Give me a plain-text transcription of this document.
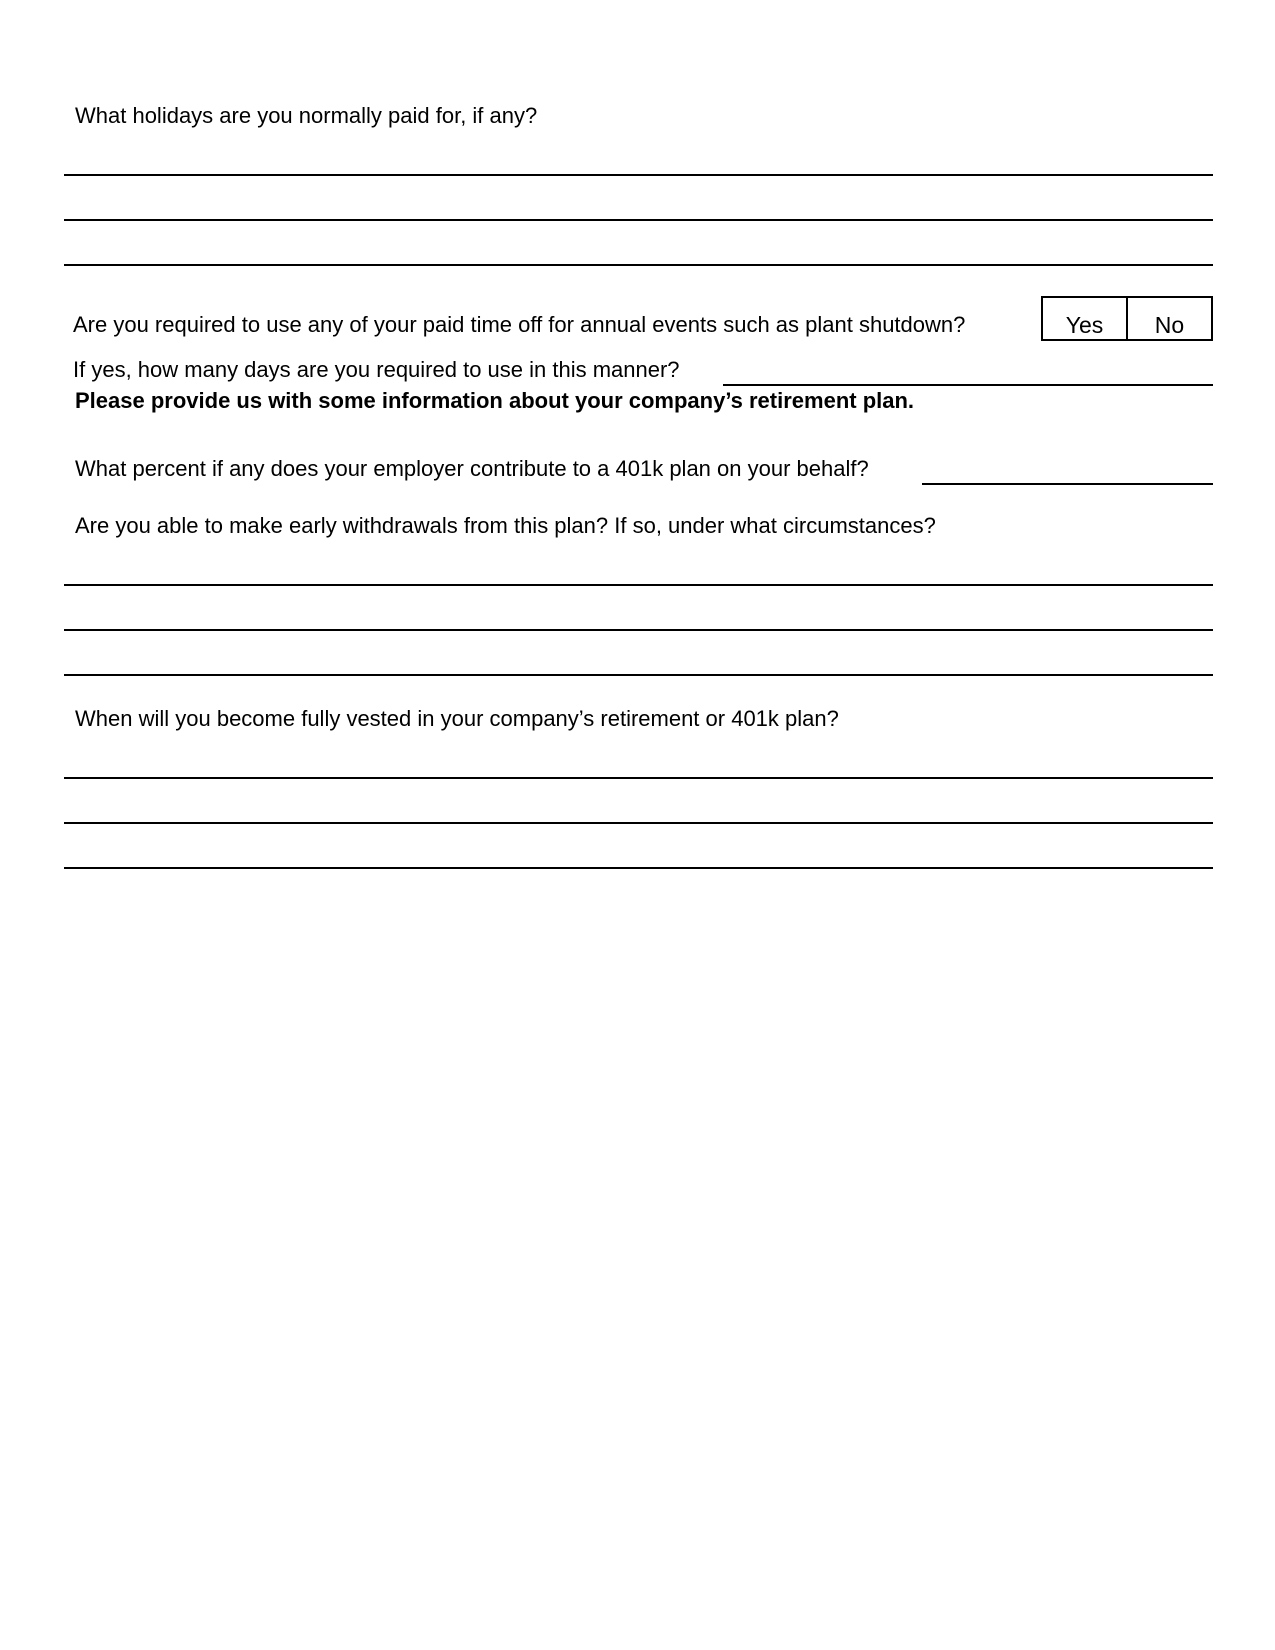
What holidays are you normally paid for, if any?
Are you required to use any of your paid time off for annual events such as plant shutdown?	Yes	No
If yes, how many days are you required to use in this manner?
Please provide us with some information about your company’s retirement plan.
What percent if any does your employer contribute to a 401k plan on your behalf?
Are you able to make early withdrawals from this plan? If so, under what circumstances?
When will you become fully vested in your company’s retirement or 401k plan?
